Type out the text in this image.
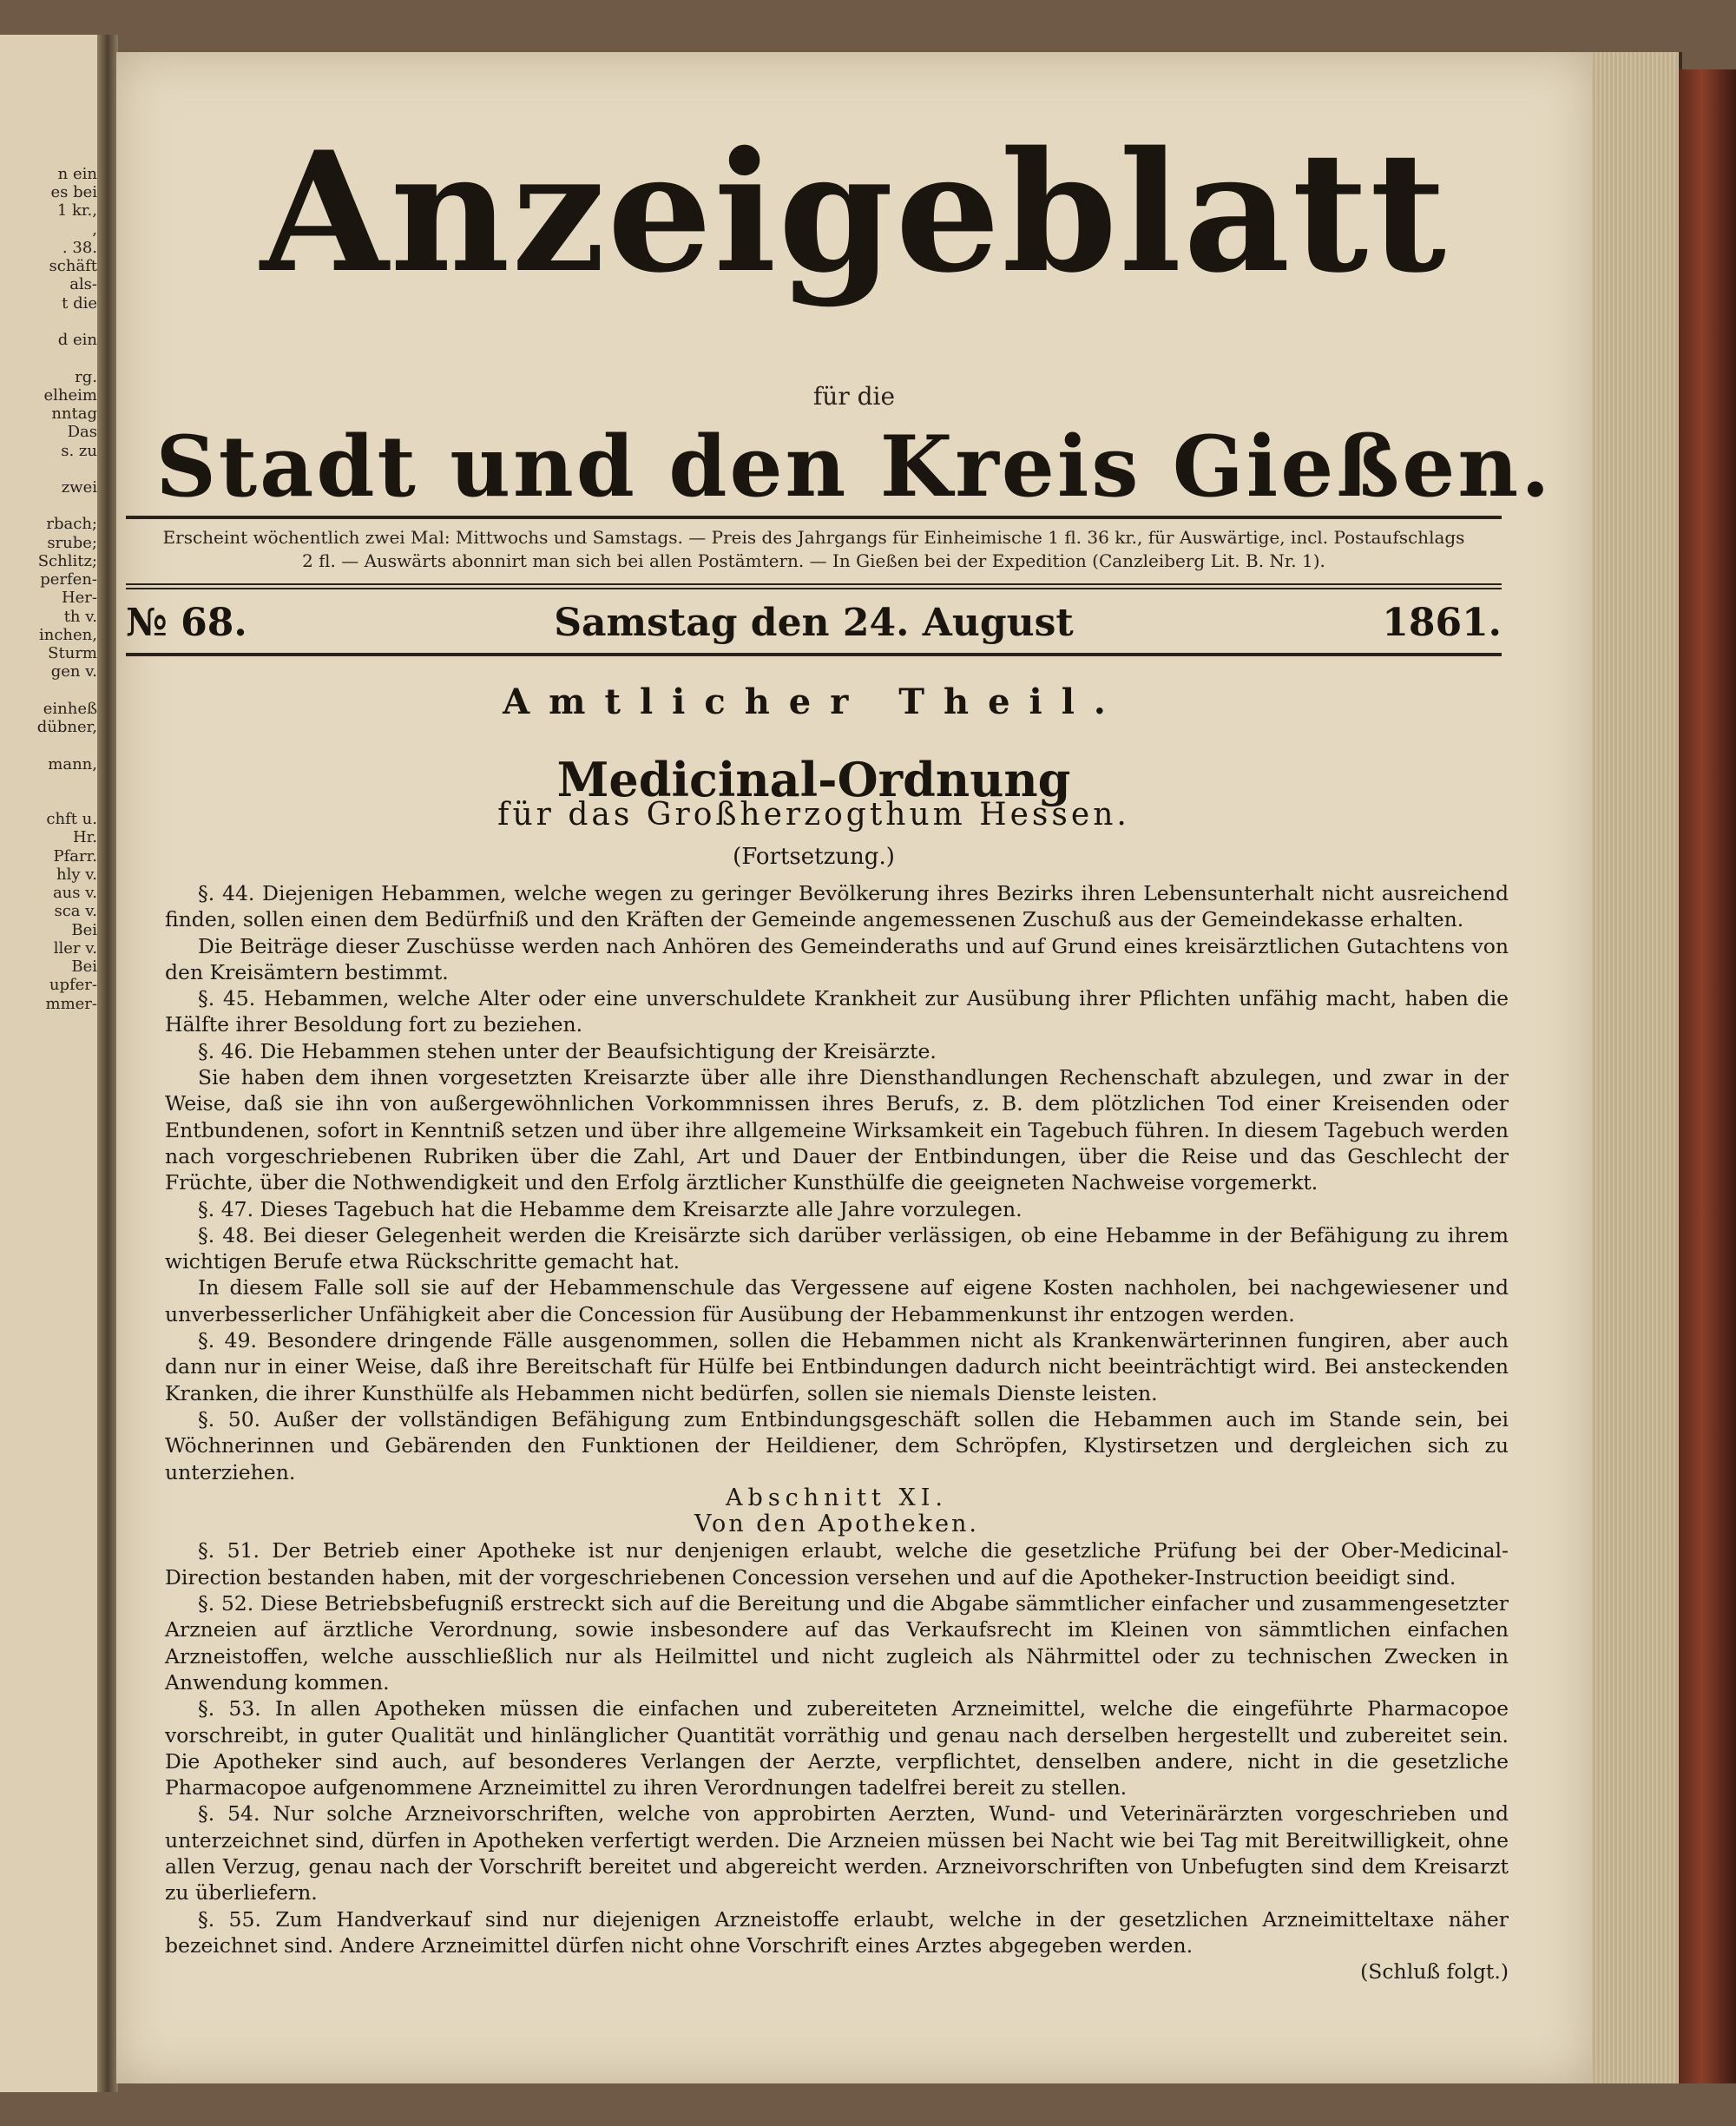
n ein
es bei
1 kr.,
,
. 38.
schäft
als-
t die

d ein

rg.
elheim
nntag
Das
s. zu

zwei

rbach;
srube;
Schlitz;
perfen-
Her-
th v.
inchen,
Sturm
gen v.

einheß
dübner,

mann,

chft u.
Hr.
Pfarr.
hly v.
aus v.
sca v.
Bei
ller v.
Bei
upfer-
mmer-
Anzeigeblatt
für die
Stadt und den Kreis Gießen.
Erscheint wöchentlich zwei Mal: Mittwochs und Samstags. — Preis des Jahrgangs für Einheimische 1 fl. 36 kr., für Auswärtige, incl. Postaufschlags
2 fl. — Auswärts abonnirt man sich bei allen Postämtern. — In Gießen bei der Expedition (Canzleiberg Lit. B. Nr. 1).
№ 68.	Samstag den 24. August	1861.
Amtlicher Theil.
Medicinal-Ordnung
für das Großherzogthum Hessen.
(Fortsetzung.)

§. 44. Diejenigen Hebammen, welche wegen zu geringer Bevölkerung ihres Bezirks ihren Lebensunterhalt nicht ausreichend finden, sollen einen dem Bedürfniß und den Kräften der Gemeinde angemessenen Zuschuß aus der Gemeindekasse erhalten.

Die Beiträge dieser Zuschüsse werden nach Anhören des Gemeinderaths und auf Grund eines kreisärztlichen Gutachtens von den Kreisämtern bestimmt.

§. 45. Hebammen, welche Alter oder eine unverschuldete Krankheit zur Ausübung ihrer Pflichten unfähig macht, haben die Hälfte ihrer Besoldung fort zu beziehen.

§. 46. Die Hebammen stehen unter der Beaufsichtigung der Kreisärzte.

Sie haben dem ihnen vorgesetzten Kreisarzte über alle ihre Diensthandlungen Rechenschaft abzulegen, und zwar in der Weise, daß sie ihn von außergewöhnlichen Vorkommnissen ihres Berufs, z. B. dem plötzlichen Tod einer Kreisenden oder Entbundenen, sofort in Kenntniß setzen und über ihre allgemeine Wirksamkeit ein Tagebuch führen. In diesem Tagebuch werden nach vorgeschriebenen Rubriken über die Zahl, Art und Dauer der Entbindungen, über die Reise und das Geschlecht der Früchte, über die Nothwendigkeit und den Erfolg ärztlicher Kunsthülfe die geeigneten Nachweise vorgemerkt.

§. 47. Dieses Tagebuch hat die Hebamme dem Kreisarzte alle Jahre vorzulegen.

§. 48. Bei dieser Gelegenheit werden die Kreisärzte sich darüber verlässigen, ob eine Hebamme in der Befähigung zu ihrem wichtigen Berufe etwa Rückschritte gemacht hat.

In diesem Falle soll sie auf der Hebammenschule das Vergessene auf eigene Kosten nachholen, bei nachgewiesener und unverbesserlicher Unfähigkeit aber die Concession für Ausübung der Hebammenkunst ihr entzogen werden.

§. 49. Besondere dringende Fälle ausgenommen, sollen die Hebammen nicht als Krankenwärterinnen fungiren, aber auch dann nur in einer Weise, daß ihre Bereitschaft für Hülfe bei Entbindungen dadurch nicht beeinträchtigt wird. Bei ansteckenden Kranken, die ihrer Kunsthülfe als Hebammen nicht bedürfen, sollen sie niemals Dienste leisten.

§. 50. Außer der vollständigen Befähigung zum Entbindungsgeschäft sollen die Hebammen auch im Stande sein, bei Wöchnerinnen und Gebärenden den Funktionen der Heildiener, dem Schröpfen, Klystirsetzen und dergleichen sich zu unterziehen.

Abschnitt XI.

Von den Apotheken.

§. 51. Der Betrieb einer Apotheke ist nur denjenigen erlaubt, welche die gesetzliche Prüfung bei der Ober-Medicinal-Direction bestanden haben, mit der vorgeschriebenen Concession versehen und auf die Apotheker-Instruction beeidigt sind.

§. 52. Diese Betriebsbefugniß erstreckt sich auf die Bereitung und die Abgabe sämmtlicher einfacher und zusammengesetzter Arzneien auf ärztliche Verordnung, sowie insbesondere auf das Verkaufsrecht im Kleinen von sämmtlichen einfachen Arzneistoffen, welche ausschließlich nur als Heilmittel und nicht zugleich als Nährmittel oder zu technischen Zwecken in Anwendung kommen.

§. 53. In allen Apotheken müssen die einfachen und zubereiteten Arzneimittel, welche die eingeführte Pharmacopoe vorschreibt, in guter Qualität und hinlänglicher Quantität vorräthig und genau nach derselben hergestellt und zubereitet sein. Die Apotheker sind auch, auf besonderes Verlangen der Aerzte, verpflichtet, denselben andere, nicht in die gesetzliche Pharmacopoe aufgenommene Arzneimittel zu ihren Verordnungen tadelfrei bereit zu stellen.

§. 54. Nur solche Arzneivorschriften, welche von approbirten Aerzten, Wund- und Veterinärärzten vorgeschrieben und unterzeichnet sind, dürfen in Apotheken verfertigt werden. Die Arzneien müssen bei Nacht wie bei Tag mit Bereitwilligkeit, ohne allen Verzug, genau nach der Vorschrift bereitet und abgereicht werden. Arzneivorschriften von Unbefugten sind dem Kreisarzt zu überliefern.

§. 55. Zum Handverkauf sind nur diejenigen Arzneistoffe erlaubt, welche in der gesetzlichen Arzneimitteltaxe näher bezeichnet sind. Andere Arzneimittel dürfen nicht ohne Vorschrift eines Arztes abgegeben werden.

(Schluß folgt.)
